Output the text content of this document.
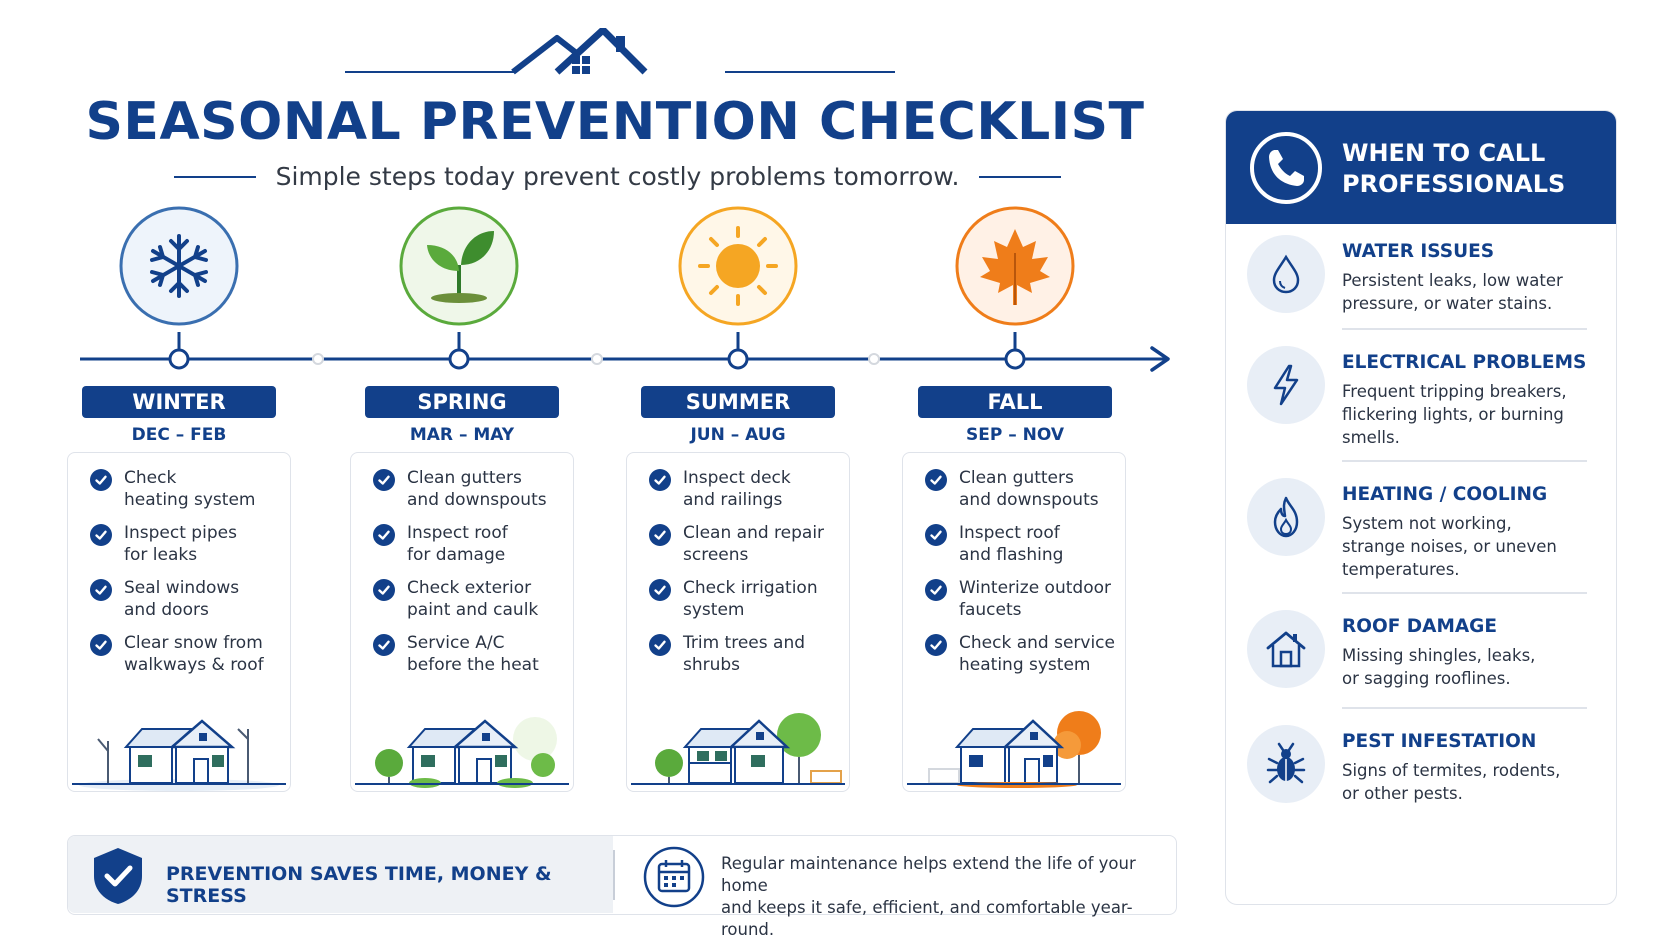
SEASONAL PREVENTION CHECKLIST
Simple steps today prevent costly problems tomorrow.
WINTER
DEC – FEB
SPRING
MAR – MAY
SUMMER
JUN – AUG
FALL
SEP – NOV
Check
heating system
Inspect pipes
for leaks
Seal windows
and doors
Clear snow from
walkways & roof
Clean gutters
and downspouts
Inspect roof
for damage
Check exterior
paint and caulk
Service A/C
before the heat
Inspect deck
and railings
Clean and repair
screens
Check irrigation
system
Trim trees and
shrubs
Clean gutters
and downspouts
Inspect roof
and flashing
Winterize outdoor
faucets
Check and service
heating system
PREVENTION SAVES TIME, MONEY & STRESS
Regular maintenance helps extend the life of your home
and keeps it safe, efficient, and comfortable year-round.
WHEN TO CALL
PROFESSIONALS
WATER ISSUES
Persistent leaks, low water
pressure, or water stains.
ELECTRICAL PROBLEMS
Frequent tripping breakers,
flickering lights, or burning
smells.
HEATING / COOLING
System not working,
strange noises, or uneven
temperatures.
ROOF DAMAGE
Missing shingles, leaks,
or sagging rooflines.
PEST INFESTATION
Signs of termites, rodents,
or other pests.
